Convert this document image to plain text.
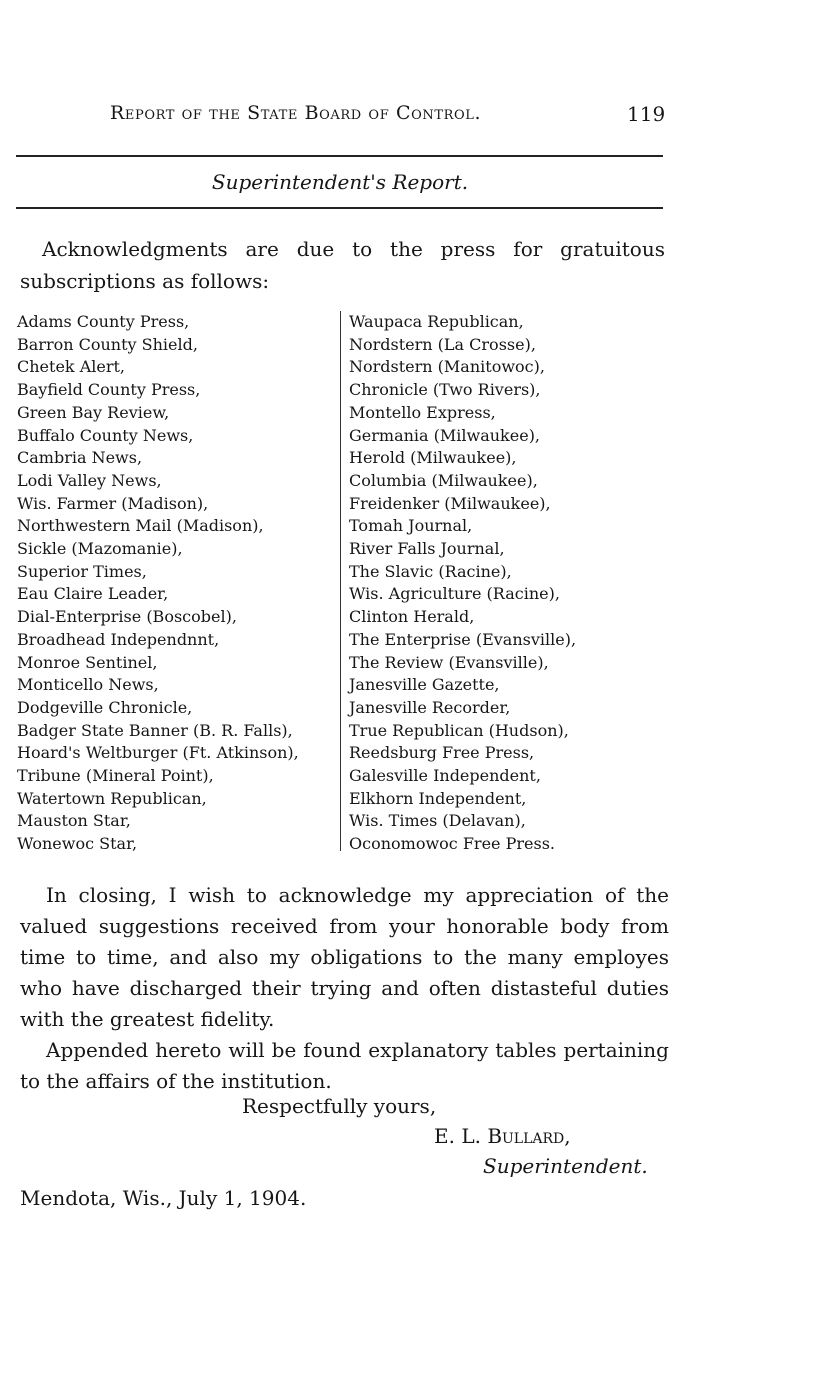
Report of the State Board of Control.	119
Superintendent's Report.
Acknowledgments are due to the press for gratuitous subscriptions as follows:
Adams County Press,
Barron County Shield,
Chetek Alert,
Bayfield County Press,
Green Bay Review,
Buffalo County News,
Cambria News,
Lodi Valley News,
Wis. Farmer (Madison),
Northwestern Mail (Madison),
Sickle (Mazomanie),
Superior Times,
Eau Claire Leader,
Dial-Enterprise (Boscobel),
Broadhead Independnnt,
Monroe Sentinel,
Monticello News,
Dodgeville Chronicle,
Badger State Banner (B. R. Falls),
Hoard's Weltburger (Ft. Atkinson),
Tribune (Mineral Point),
Watertown Republican,
Mauston Star,
Wonewoc Star,
Waupaca Republican,
Nordstern (La Crosse),
Nordstern (Manitowoc),
Chronicle (Two Rivers),
Montello Express,
Germania (Milwaukee),
Herold (Milwaukee),
Columbia (Milwaukee),
Freidenker (Milwaukee),
Tomah Journal,
River Falls Journal,
The Slavic (Racine),
Wis. Agriculture (Racine),
Clinton Herald,
The Enterprise (Evansville),
The Review (Evansville),
Janesville Gazette,
Janesville Recorder,
True Republican (Hudson),
Reedsburg Free Press,
Galesville Independent,
Elkhorn Independent,
Wis. Times (Delavan),
Oconomowoc Free Press.

In closing, I wish to acknowledge my appreciation of the valued suggestions received from your honorable body from time to time, and also my obligations to the many employes who have discharged their trying and often distasteful duties with the greatest fidelity.

Appended hereto will be found explanatory tables pertaining to the affairs of the institution.

Respectfully yours,
E. L. Bullard,
Superintendent.
Mendota, Wis., July 1, 1904.
